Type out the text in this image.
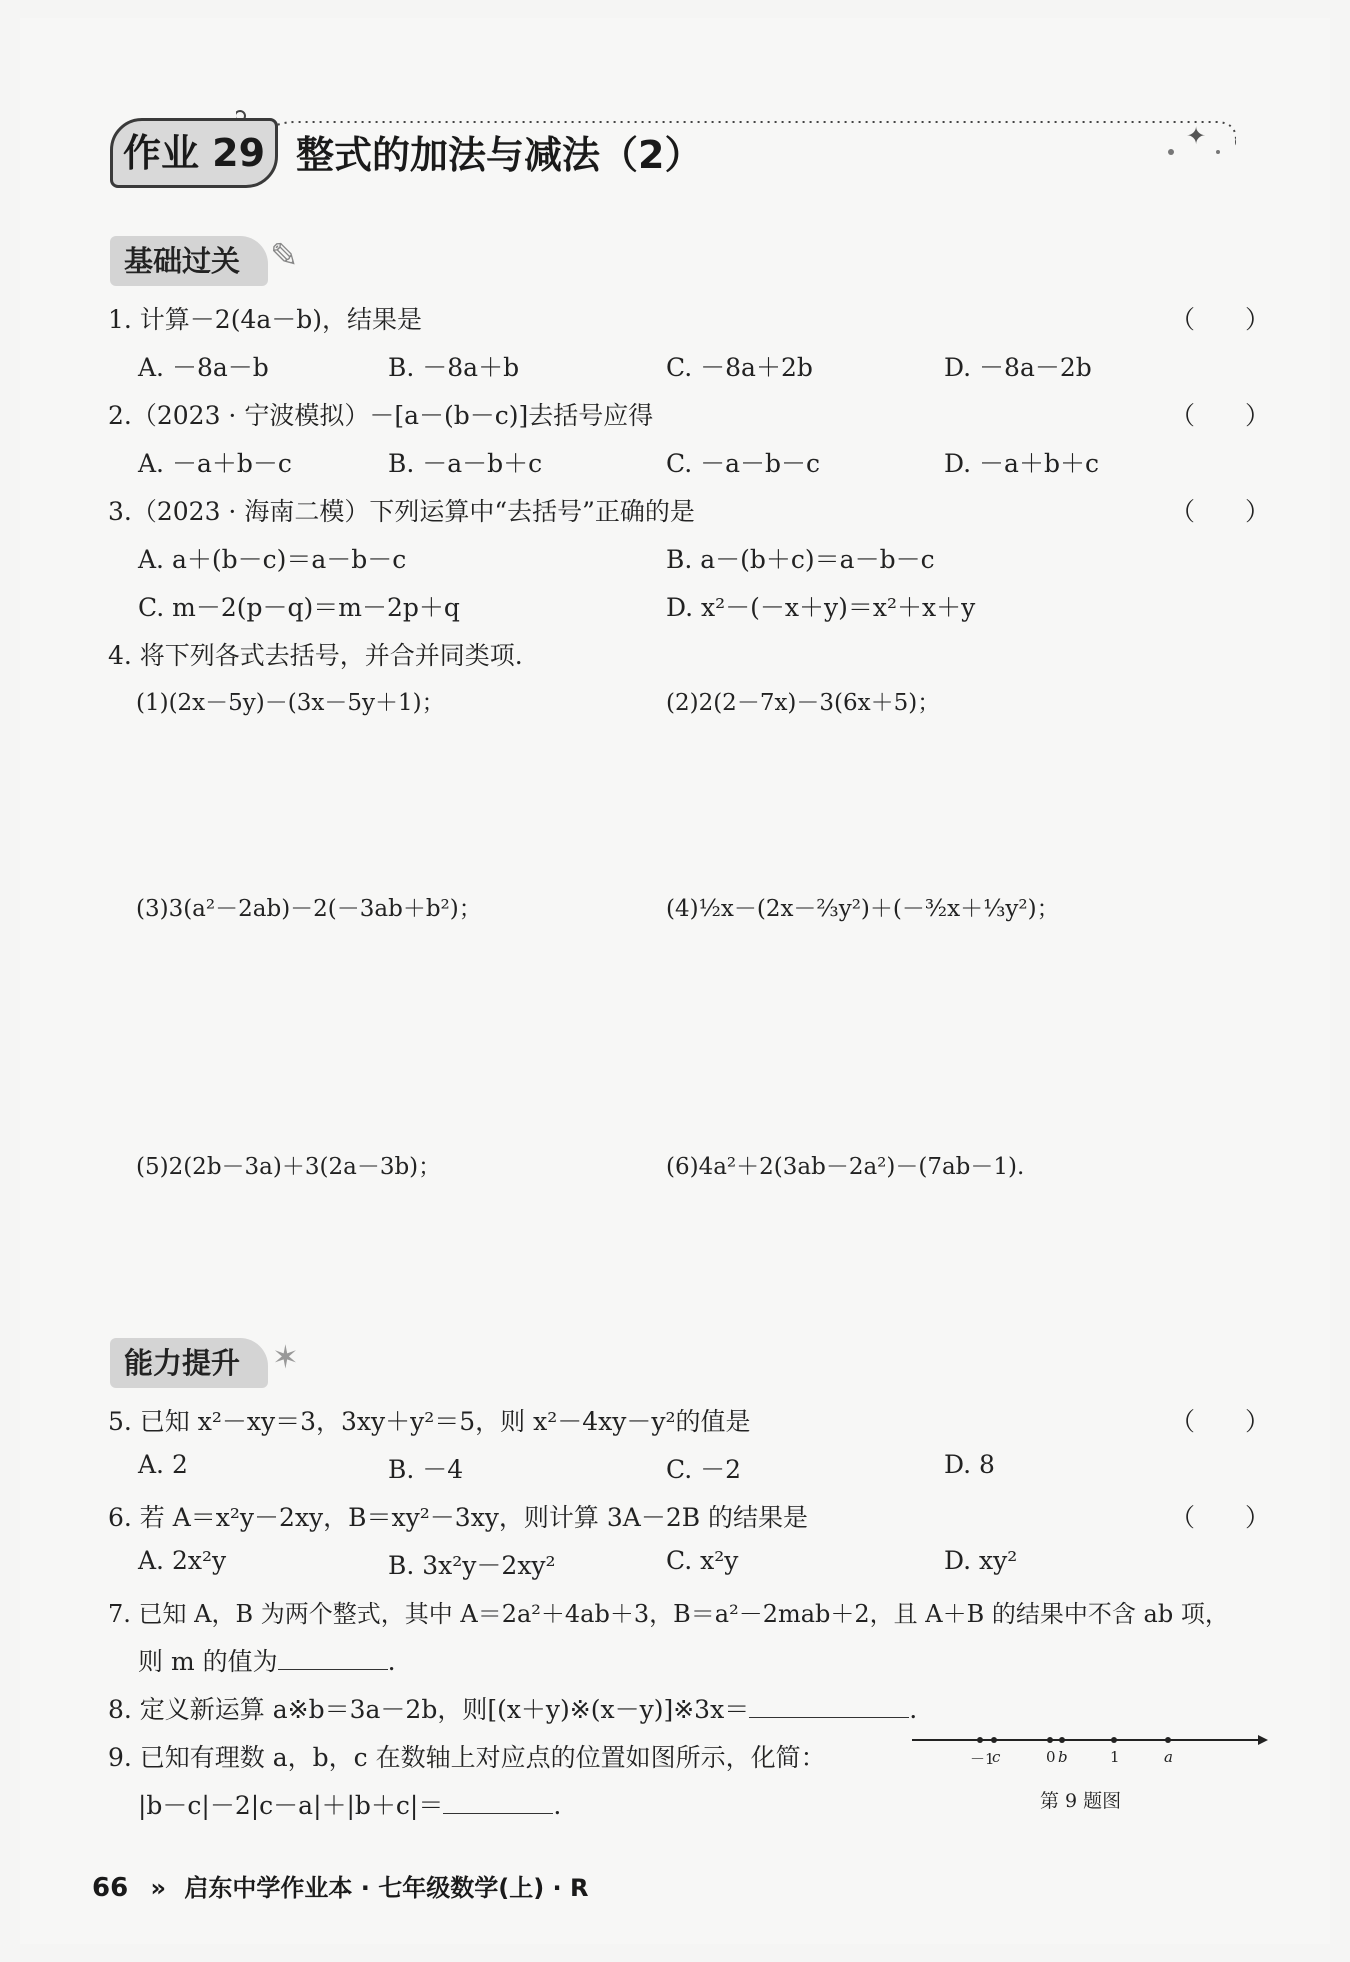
✦
作业 29 整式的加法与减法（2）
基础过关 ✎
1. 计算－2(4a－b)，结果是	（　　）
A. －8a－b	B. －8a＋b	C. －8a＋2b	D. －8a－2b
2.（2023 · 宁波模拟）－[a－(b－c)]去括号应得	（　　）
A. －a＋b－c	B. －a－b＋c	C. －a－b－c	D. －a＋b＋c
3.（2023 · 海南二模）下列运算中“去括号”正确的是	（　　）
A. a＋(b－c)＝a－b－c	B. a－(b＋c)＝a－b－c
C. m－2(p－q)＝m－2p＋q	D. x²－(－x＋y)＝x²＋x＋y
4. 将下列各式去括号，并合并同类项.
(1)(2x－5y)－(3x－5y＋1)；	(2)2(2－7x)－3(6x＋5)；
(3)3(a²－2ab)－2(－3ab＋b²)；	(4)½x－(2x－⅔y²)＋(－³⁄₂x＋⅓y²)；
(5)2(2b－3a)＋3(2a－3b)；	(6)4a²＋2(3ab－2a²)－(7ab－1).
能力提升 ✶
5. 已知 x²－xy＝3，3xy＋y²＝5，则 x²－4xy－y²的值是	（　　）
A. 2	B. －4	C. －2	D. 8
6. 若 A＝x²y－2xy，B＝xy²－3xy，则计算 3A－2B 的结果是	（　　）
A. 2x²y	B. 3x²y－2xy²	C. x²y	D. xy²
7. 已知 A，B 为两个整式，其中 A＝2a²＋4ab＋3，B＝a²－2mab＋2，且 A＋B 的结果中不含 ab 项，
则 m 的值为	.
8. 定义新运算 a※b＝3a－2b，则[(x＋y)※(x－y)]※3x＝	.
9. 已知有理数 a，b，c 在数轴上对应点的位置如图所示，化简：
|b－c|－2|c－a|＋|b＋c|＝	.
－1
c	0 b	1	a
第 9 题图
66 » 启东中学作业本 · 七年级数学(上) · R
